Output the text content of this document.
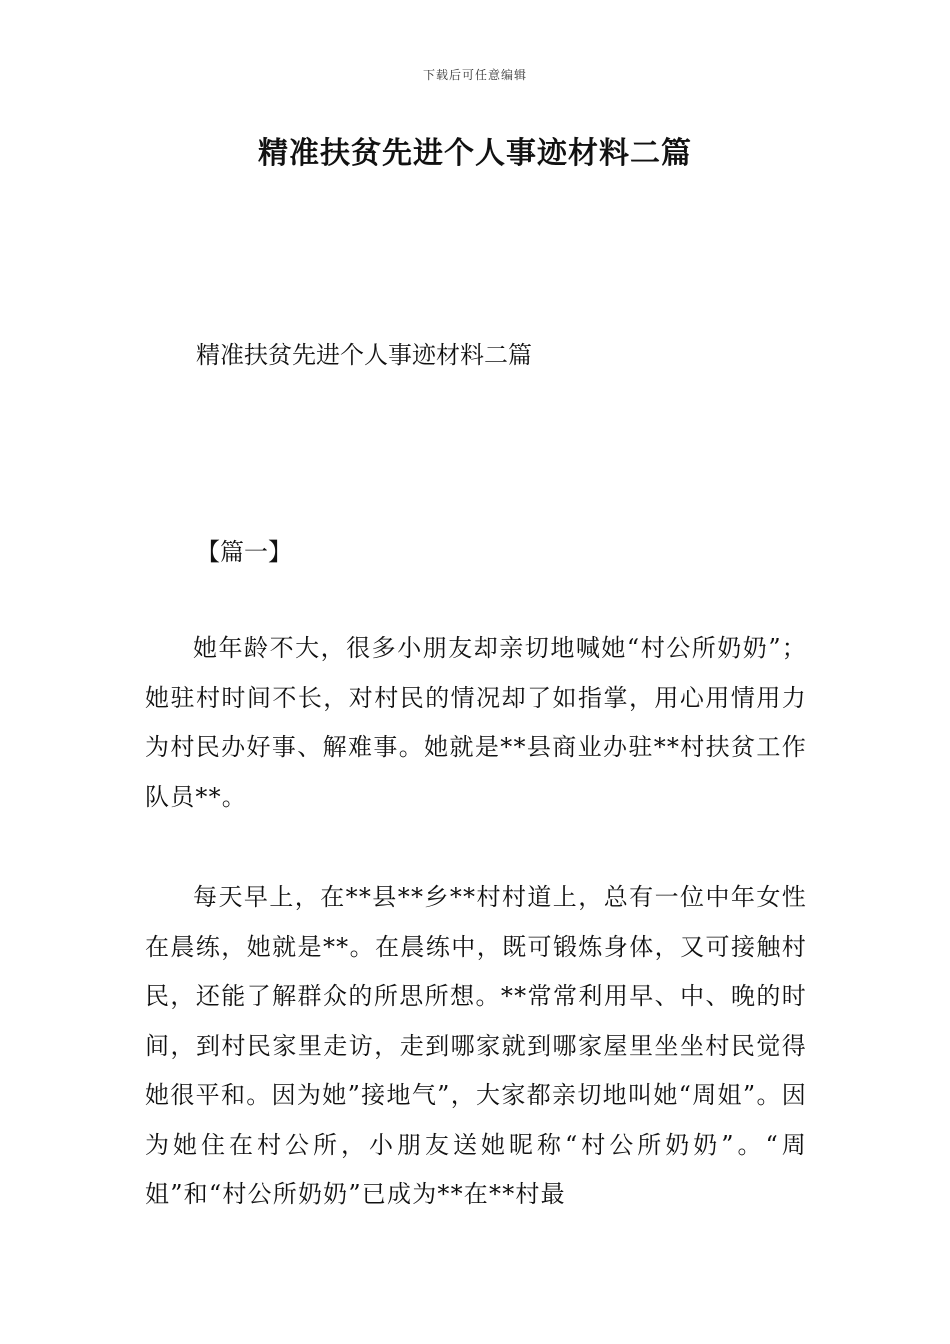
下载后可任意编辑
精准扶贫先进个人事迹材料二篇

精准扶贫先进个人事迹材料二篇

【篇一】

她年龄不大，很多小朋友却亲切地喊她“村公所奶奶”；她驻村时间不长，对村民的情况却了如指掌，用心用情用力为村民办好事、解难事。她就是**县商业办驻**村扶贫工作队员**。

每天早上，在**县**乡**村村道上，总有一位中年女性在晨练，她就是**。在晨练中，既可锻炼身体，又可接触村民，还能了解群众的所思所想。**常常利用早、中、晚的时间，到村民家里走访，走到哪家就到哪家屋里坐坐村民觉得她很平和。因为她”接地气”，大家都亲切地叫她“周姐”。因为她住在村公所，小朋友送她昵称“村公所奶奶”。“周姐”和“村公所奶奶”已成为**在**村最
